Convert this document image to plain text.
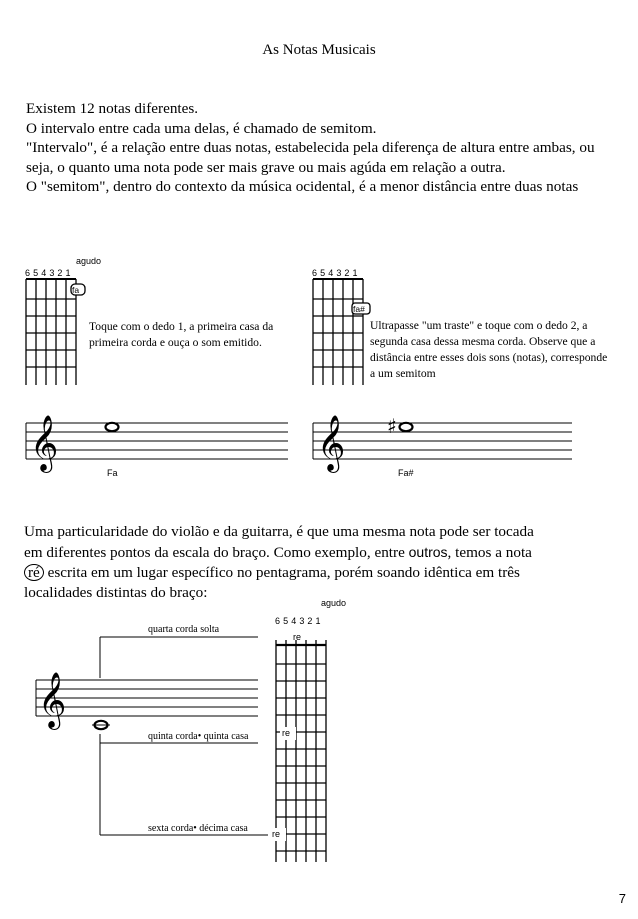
As Notas Musicais

Existem 12 notas diferentes.

O intervalo entre cada uma delas, é chamado de semitom.

"Intervalo", é a relação entre duas notas, estabelecida pela diferença de altura entre ambas, ou seja, o quanto uma nota pode ser mais grave ou mais agúda em relação a outra.

O "semitom", dentro do contexto da música ocidental, é a menor distância entre duas notas

𝄞	𝄞 ♯
𝄞
agudo
6 5 4 3 2 1
fa
Toque com o dedo 1, a primeira casa da primeira corda e ouça o som emitido.
Fa
6 5 4 3 2 1
fa#
Ultrapasse "um traste" e toque com o dedo 2, a segunda casa dessa mesma corda. Observe que a distância entre esses dois sons (notas), corresponde a um semitom
Fa#

Uma particularidade do violão e da guitarra, é que uma mesma nota pode ser tocada

em diferentes pontos da escala do braço. Como exemplo, entre outros, temos a nota

ré escrita em um lugar específico no pentagrama, porém soando idêntica em três

localidades distintas do braço:

agudo
6 5 4 3 2 1
quarta corda solta
quinta corda• quinta casa
sexta corda• décima casa
re
re
re
7
